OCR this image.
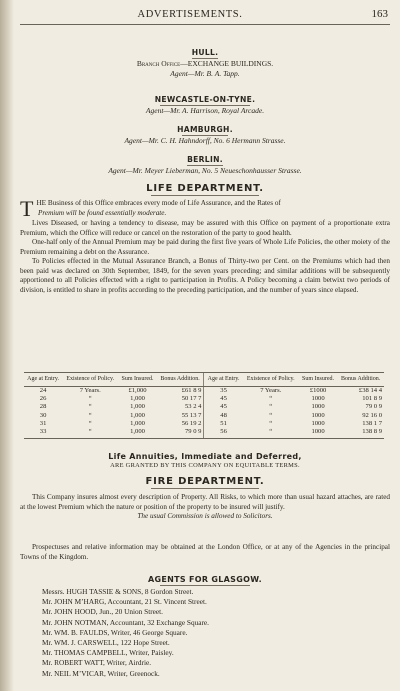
ADVERTISEMENTS.	163
HULL.
Branch Office—EXCHANGE BUILDINGS.
Agent—Mr. B. A. Tapp.
NEWCASTLE-ON-TYNE.
Agent—Mr. A. Harrison, Royal Arcade.
HAMBURGH.
Agent—Mr. C. H. Hahndorff, No. 6 Hermann Strasse.
BERLIN.
Agent—Mr. Meyer Lieberman, No. 5 Neueschonhausser Strasse.
LIFE DEPARTMENT.
T HE Business of this Office embraces every mode of Life Assurance, and the Rates of
Premium will be found essentially moderate.
Lives Diseased, or having a tendency to disease, may be assured with this Office on payment of a proportionate extra Premium, which the Office will reduce or cancel on the restoration of the party to good health.
One-half only of the Annual Premium may be paid during the first five years of Whole Life Policies, the other moiety of the Premium remaining a debt on the Assurance.
To Policies effected in the Mutual Assurance Branch, a Bonus of Thirty-two per Cent. on the Premiums which had then been paid was declared on 30th September, 1849, for the seven years preceding; and similar additions will be subsequently apportioned to all Policies effected with a right to participation in Profits. A Policy becoming a claim betwixt two periods of division, is entitled to share in profits according to the preceding participation, and the number of years since elapsed.
Age at Entry.	Existence of Policy.	Sum Insured.	Bonus Addition.	Age at Entry.	Existence of Policy.	Sum Insured.	Bonus Addition.
24	7 Years.	£1,000	£61 8 9	35	7 Years.	£1000	£38 14 4
26	“	1,000	50 17 7	45	“	1000	101 8 9
28	“	1,000	53 2 4	45	“	1000	79 0 9
30	“	1,000	55 13 7	48	“	1000	92 16 0
31	“	1,000	56 19 2	51	“	1000	138 1 7
33	“	1,000	79 0 9	56	“	1000	138 8 9
Life Annuities, Immediate and Deferred,
ARE GRANTED BY THIS COMPANY ON EQUITABLE TERMS.
FIRE DEPARTMENT.
This Company insures almost every description of Property. All Risks, to which more than usual hazard attaches, are rated at the lowest Premium which the nature or position of the property to be insured will justify.
The usual Commission is allowed to Solicitors.
Prospectuses and relative information may be obtained at the London Office, or at any of the Agencies in the principal Towns of the Kingdom.
AGENTS FOR GLASGOW.
Messrs. HUGH TASSIE & SONS, 8 Gordon Street.
Mr. JOHN M’HARG, Accountant, 21 St. Vincent Street.
Mr. JOHN HOOD, Jun., 20 Union Street.
Mr. JOHN NOTMAN, Accountant, 32 Exchange Square.
Mr. WM. B. FAULDS, Writer, 46 George Square.
Mr. WM. J. CARSWELL, 122 Hope Street.
Mr. THOMAS CAMPBELL, Writer, Paisley.
Mr. ROBERT WATT, Writer, Airdrie.
Mr. NEIL M’VICAR, Writer, Greenock.
